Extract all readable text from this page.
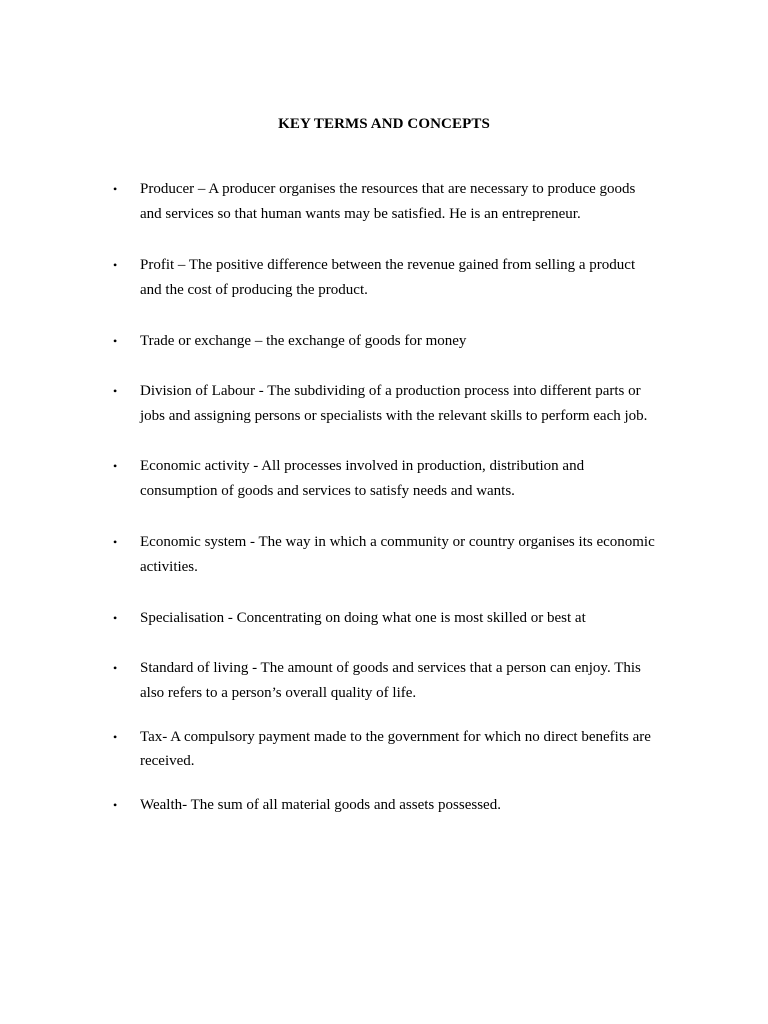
KEY TERMS AND CONCEPTS
•	Producer – A producer organises the resources that are necessary to produce goods
and services so that human wants may be satisfied. He is an entrepreneur.
•	Profit – The positive difference between the revenue gained from selling a product
and the cost of producing the product.
•	Trade or exchange – the exchange of goods for money
•	Division of Labour - The subdividing of a production process into different parts or
jobs and assigning persons or specialists with the relevant skills to perform each job.
•	Economic activity - All processes involved in production, distribution and
consumption of goods and services to satisfy needs and wants.
•	Economic system - The way in which a community or country organises its economic
activities.
•	Specialisation - Concentrating on doing what one is most skilled or best at
•	Standard of living - The amount of goods and services that a person can enjoy. This
also refers to a person’s overall quality of life.
•	Tax- A compulsory payment made to the government for which no direct benefits are
received.
•	Wealth- The sum of all material goods and assets possessed.
